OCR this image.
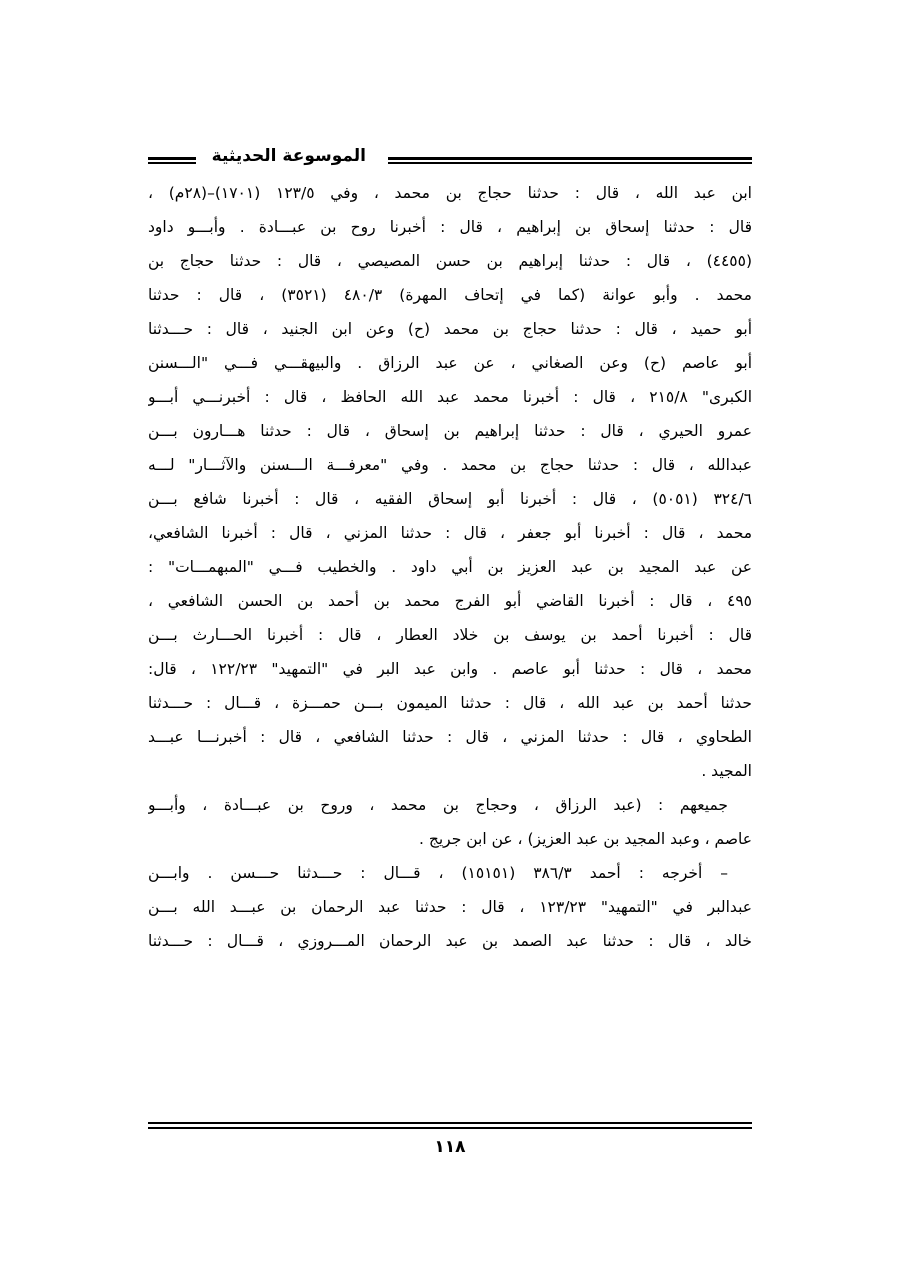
الموسوعة الحديثية
ابن عبد الله ، قال : حدثنا حجاج بن محمد ، وفي ١٢٣/٥ (١٧٠١)–(٢٨م) ،
قال : حدثنا إسحاق بن إبراهيم ، قال : أخبرنا روح بن عبـــادة . وأبـــو داود
(٤٤٥٥) ، قال : حدثنا إبراهيم بن حسن المصيصي ، قال : حدثنا حجاج بن
محمد . وأبو عوانة (كما في إتحاف المهرة) ٤٨٠/٣ (٣٥٢١) ، قال : حدثنا
أبو حميد ، قال : حدثنا حجاج بن محمد (ح) وعن ابن الجنيد ، قال : حـــدثنا
أبو عاصم (ح) وعن الصغاني ، عن عبد الرزاق . والبيهقـــي فـــي "الـــسنن
الكبرى" ٢١٥/٨ ، قال : أخبرنا محمد عبد الله الحافظ ، قال : أخبرنـــي أبـــو
عمرو الحيري ، قال : حدثنا إبراهيم بن إسحاق ، قال : حدثنا هـــارون بـــن
عبدالله ، قال : حدثنا حجاج بن محمد . وفي "معرفـــة الـــسنن والآثـــار" لـــه
٣٢٤/٦ (٥٠٥١) ، قال : أخبرنا أبو إسحاق الفقيه ، قال : أخبرنا شافع بـــن
محمد ، قال : أخبرنا أبو جعفر ، قال : حدثنا المزني ، قال : أخبرنا الشافعي،
عن عبد المجيد بن عبد العزيز بن أبي داود . والخطيب فـــي "المبهمـــات" :
٤٩٥ ، قال : أخبرنا القاضي أبو الفرج محمد بن أحمد بن الحسن الشافعي ،
قال : أخبرنا أحمد بن يوسف بن خلاد العطار ، قال : أخبرنا الحـــارث بـــن
محمد ، قال : حدثنا أبو عاصم . وابن عبد البر في "التمهيد" ١٢٢/٢٣ ، قال:
حدثنا أحمد بن عبد الله ، قال : حدثنا الميمون بـــن حمـــزة ، قـــال : حـــدثنا
الطحاوي ، قال : حدثنا المزني ، قال : حدثنا الشافعي ، قال : أخبرنـــا عبـــد
المجيد .
جميعهم : (عبد الرزاق ، وحجاج بن محمد ، وروح بن عبـــادة ، وأبـــو
عاصم ، وعبد المجيد بن عبد العزيز) ، عن ابن جريج .
– أخرجه : أحمد ٣٨٦/٣ (١٥١٥١) ، قـــال : حـــدثنا حـــسن . وابـــن
عبدالبر في "التمهيد" ١٢٣/٢٣ ، قال : حدثنا عبد الرحمان بن عبـــد الله بـــن
خالد ، قال : حدثنا عبد الصمد بن عبد الرحمان المـــروزي ، قـــال : حـــدثنا
١١٨
